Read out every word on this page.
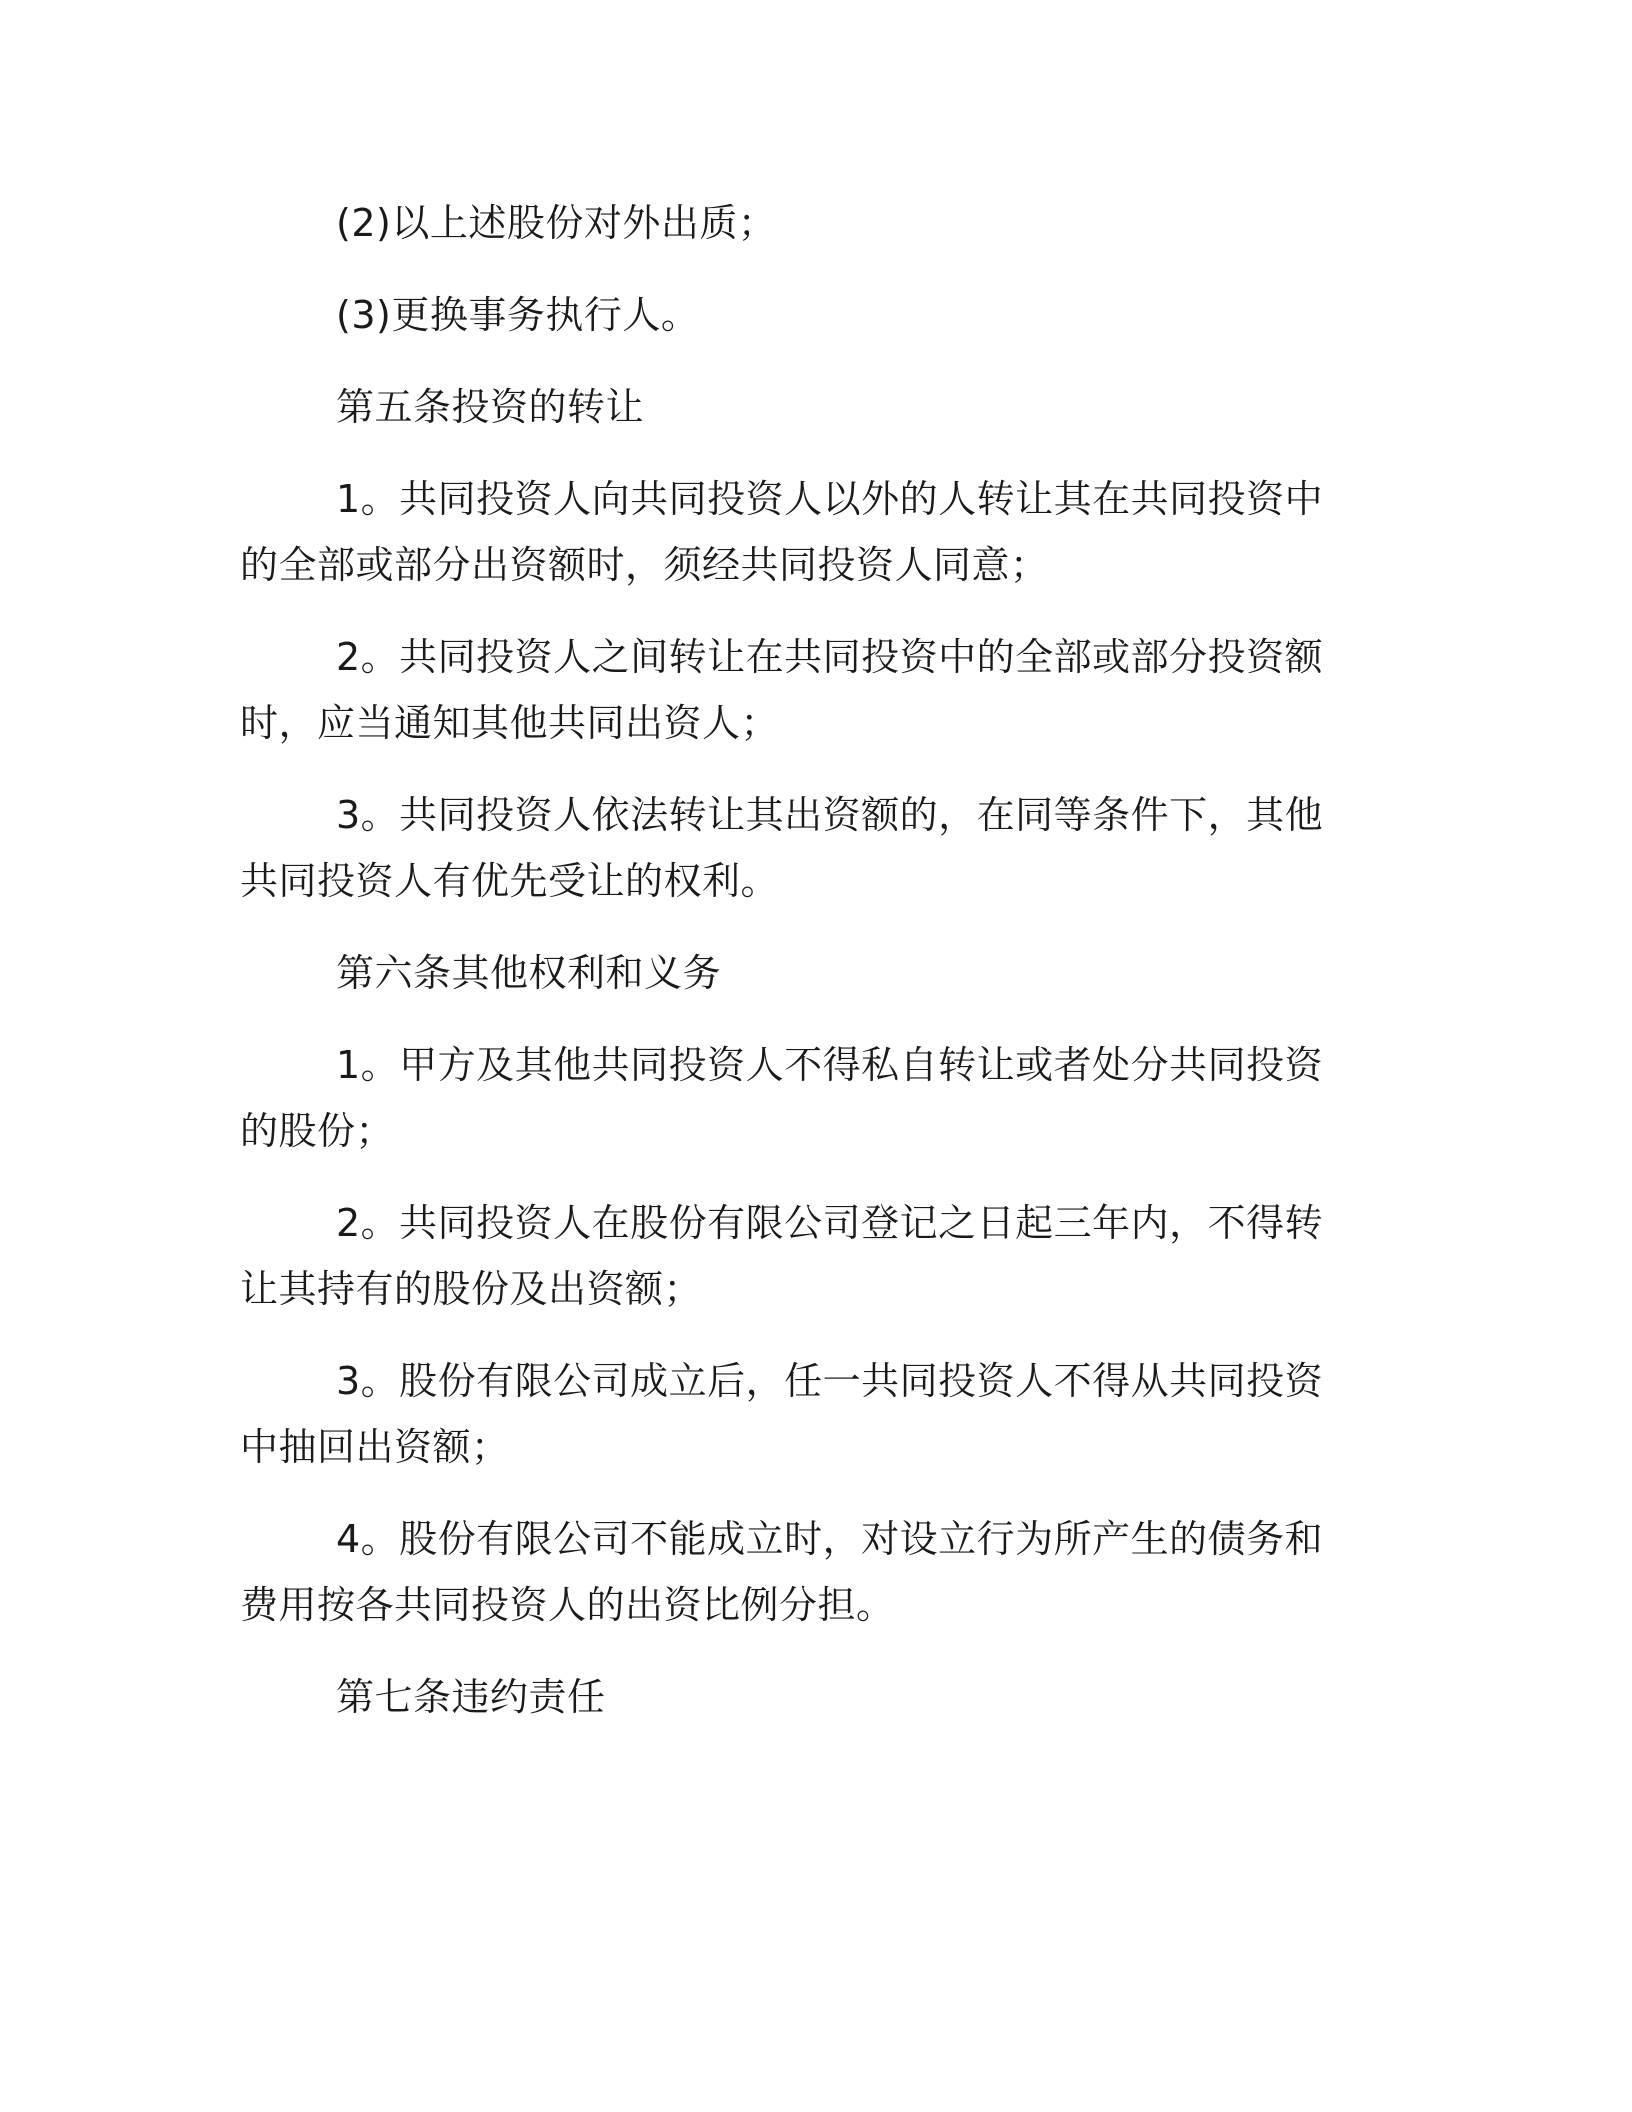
(2)以上述股份对外出质；

(3)更换事务执行人。

第五条投资的转让

1。共同投资人向共同投资人以外的人转让其在共同投资中的全部或部分出资额时，须经共同投资人同意；

2。共同投资人之间转让在共同投资中的全部或部分投资额时，应当通知其他共同出资人；

3。共同投资人依法转让其出资额的，在同等条件下，其他共同投资人有优先受让的权利。

第六条其他权利和义务

1。甲方及其他共同投资人不得私自转让或者处分共同投资的股份；

2。共同投资人在股份有限公司登记之日起三年内，不得转让其持有的股份及出资额；

3。股份有限公司成立后，任一共同投资人不得从共同投资中抽回出资额；

4。股份有限公司不能成立时，对设立行为所产生的债务和费用按各共同投资人的出资比例分担。

第七条违约责任
